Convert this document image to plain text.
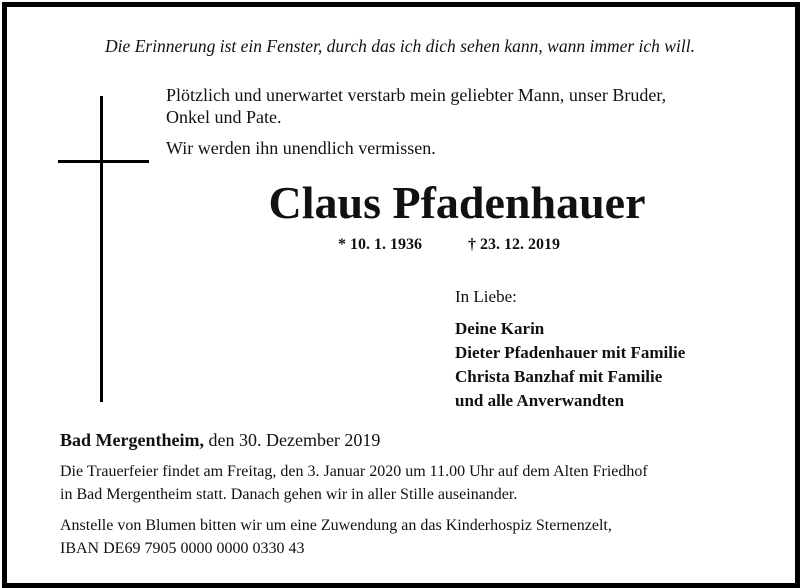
Die Erinnerung ist ein Fenster, durch das ich dich sehen kann, wann immer ich will.

Plötzlich und unerwartet verstarb mein geliebter Mann, unser Bruder,

Onkel und Pate.

Wir werden ihn unendlich vermissen.

Claus Pfadenhauer
* 10. 1. 1936	† 23. 12. 2019
In Liebe:
Deine Karin
Dieter Pfadenhauer mit Familie
Christa Banzhaf mit Familie
und alle Anverwandten
Bad Mergentheim, den 30. Dezember 2019

Die Trauerfeier findet am Freitag, den 3. Januar 2020 um 11.00 Uhr auf dem Alten Friedhof

in Bad Mergentheim statt. Danach gehen wir in aller Stille auseinander.

Anstelle von Blumen bitten wir um eine Zuwendung an das Kinderhospiz Sternenzelt,

IBAN DE69 7905 0000 0000 0330 43
